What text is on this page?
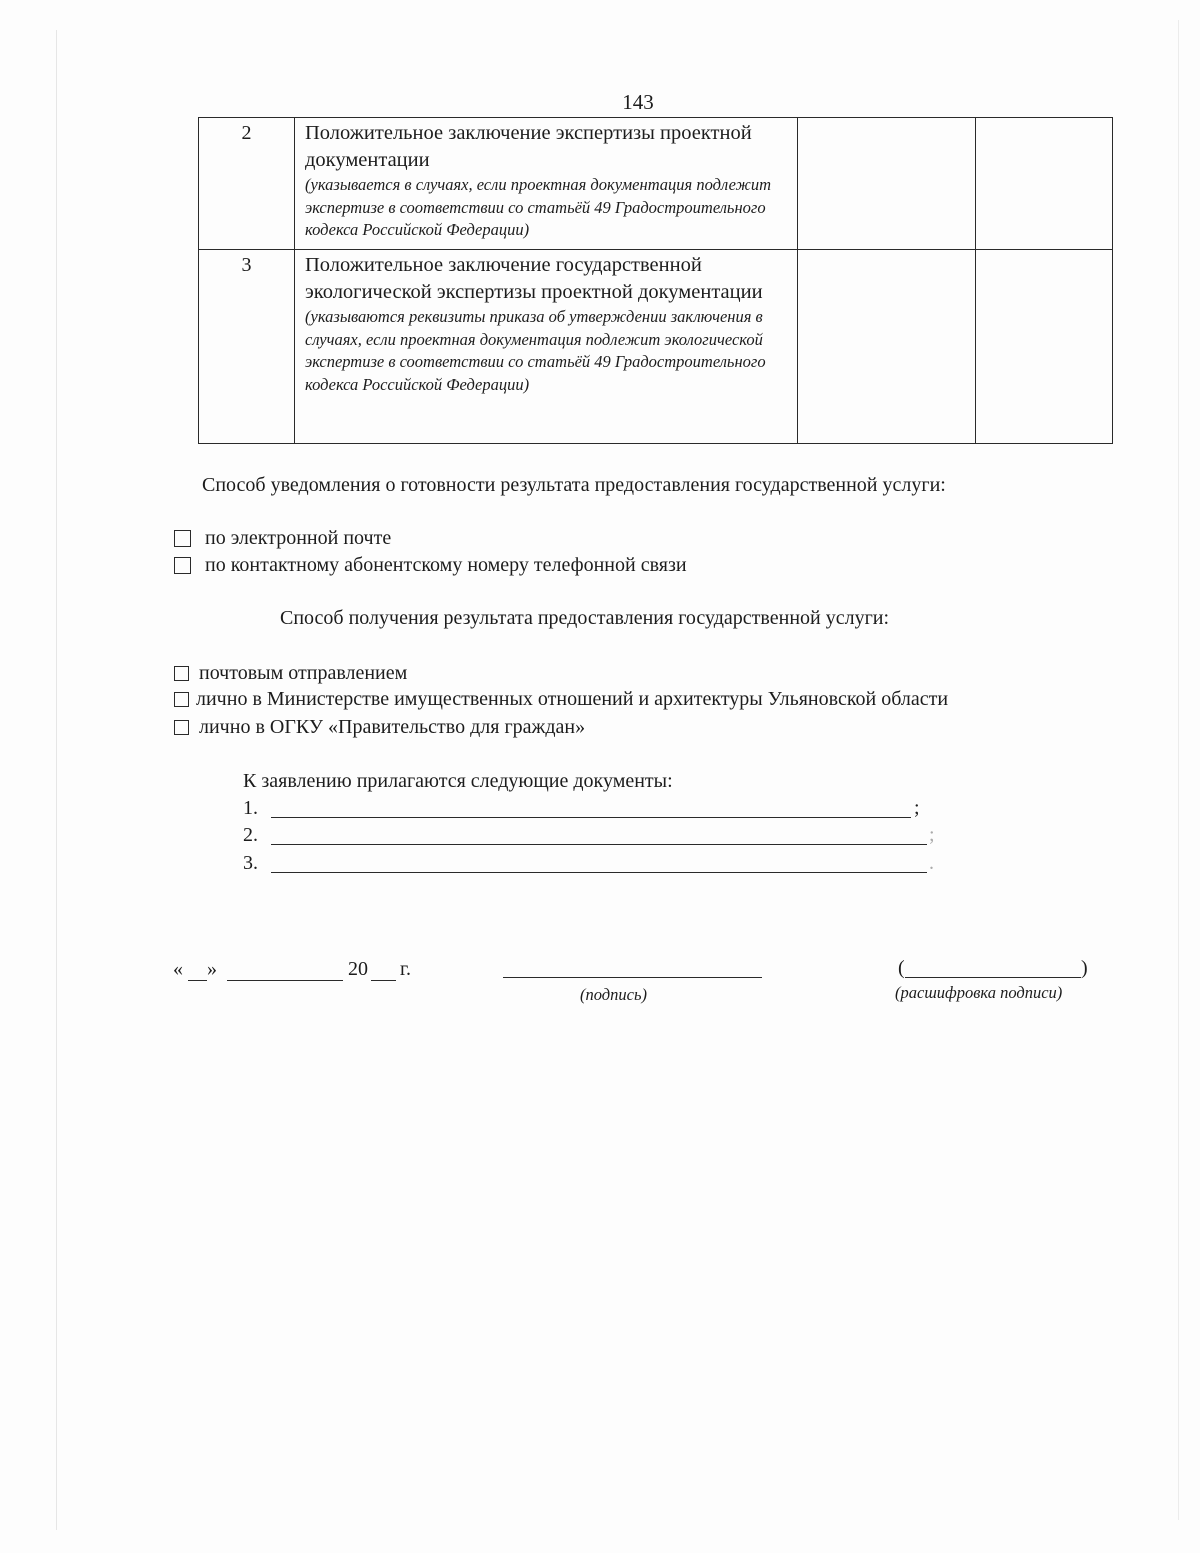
143
2	Положительное заключение экспертизы проектной документации
(указывается в случаях, если проектная документация подлежит экспертизе в соответствии со статьёй 49 Градостроительного кодекса Российской Федерации)		

3	Положительное заключение государственной экологической экспертизы проектной документации
(указываются реквизиты приказа об утверждении заключения в случаях, если проектная документация подлежит экологической экспертизе в соответствии со статьёй 49 Градостроительного кодекса Российской Федерации)		

Способ уведомления о готовности результата предоставления государственной услуги:
по электронной почте
по контактному абонентскому номеру телефонной связи
Способ получения результата предоставления государственной услуги:
почтовым отправлением
лично в Министерстве имущественных отношений и архитектуры Ульяновской области
лично в ОГКУ «Правительство для граждан»
К заявлению прилагаются следующие документы:
1.	;
2.	;
3.	.
« »	20 г.
(подпись)
(	)
(расшифровка подписи)
